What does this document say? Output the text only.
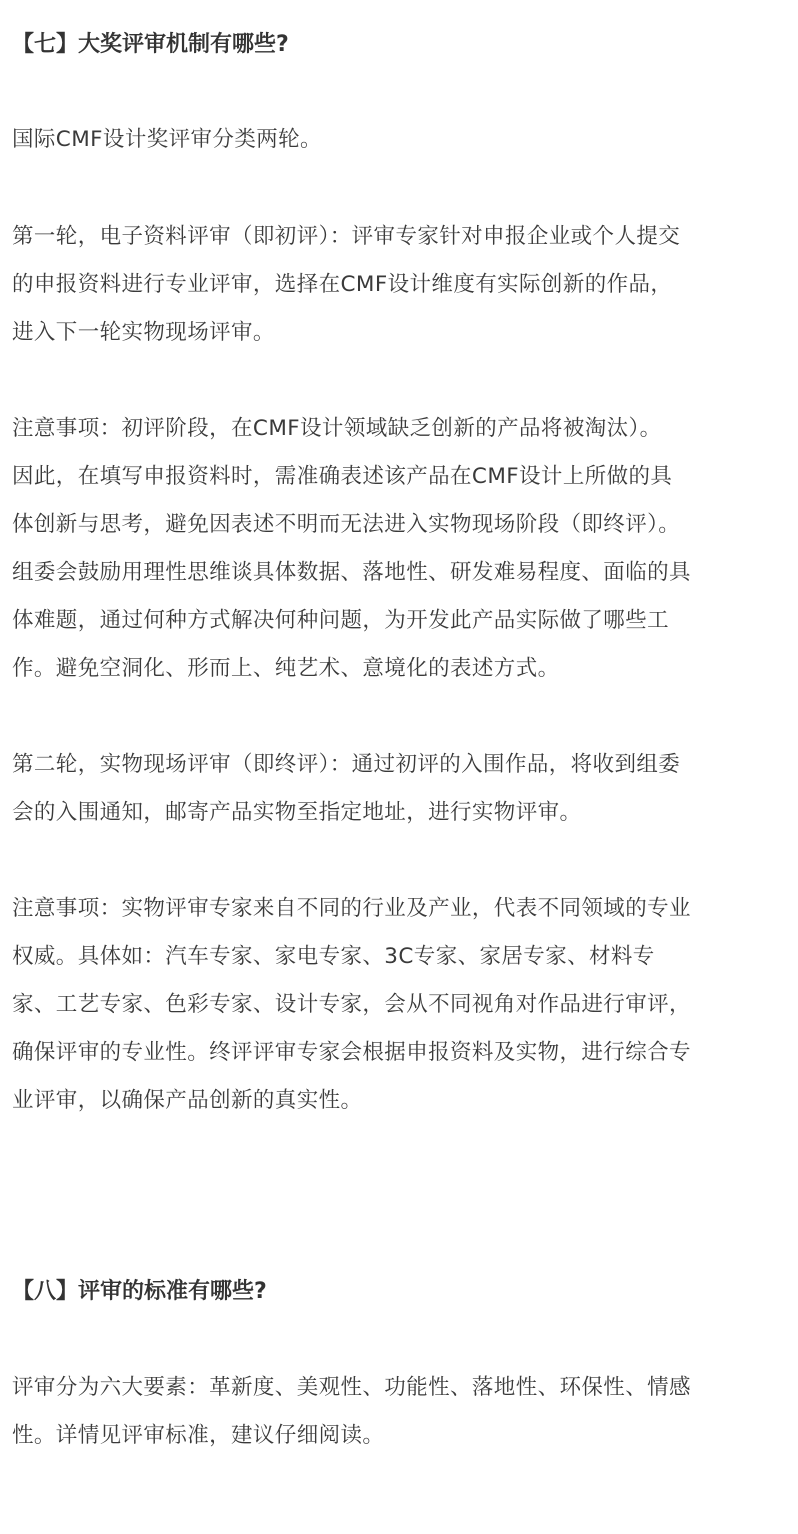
【七】大奖评审机制有哪些?

国际CMF设计奖评审分类两轮。

第一轮，电子资料评审（即初评）：评审专家针对申报企业或个人提交
的申报资料进行专业评审，选择在CMF设计维度有实际创新的作品，
进入下一轮实物现场评审。

注意事项：初评阶段，在CMF设计领域缺乏创新的产品将被淘汰）。
因此，在填写申报资料时，需准确表述该产品在CMF设计上所做的具
体创新与思考，避免因表述不明而无法进入实物现场阶段（即终评）。
组委会鼓励用理性思维谈具体数据、落地性、研发难易程度、面临的具
体难题，通过何种方式解决何种问题，为开发此产品实际做了哪些工
作。避免空洞化、形而上、纯艺术、意境化的表述方式。

第二轮，实物现场评审（即终评）：通过初评的入围作品，将收到组委
会的入围通知，邮寄产品实物至指定地址，进行实物评审。

注意事项：实物评审专家来自不同的行业及产业，代表不同领域的专业
权威。具体如：汽车专家、家电专家、3C专家、家居专家、材料专
家、工艺专家、色彩专家、设计专家，会从不同视角对作品进行审评，
确保评审的专业性。终评评审专家会根据申报资料及实物，进行综合专
业评审，以确保产品创新的真实性。

【八】评审的标准有哪些?

评审分为六大要素：革新度、美观性、功能性、落地性、环保性、情感
性。详情见评审标准，建议仔细阅读。
